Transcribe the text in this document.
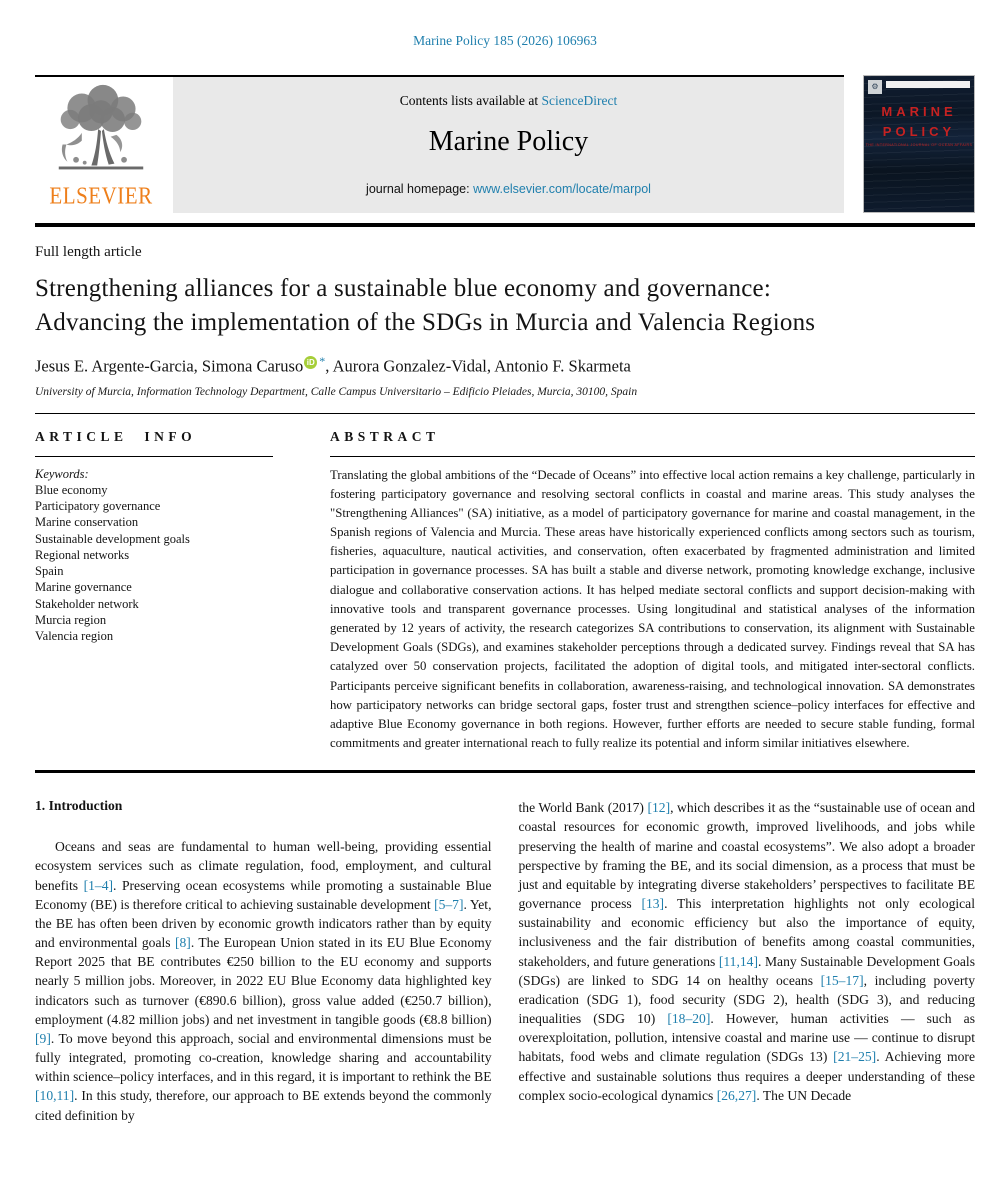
Marine Policy 185 (2026) 106963
ELSEVIER
Contents lists available at ScienceDirect
Marine Policy
journal homepage: www.elsevier.com/locate/marpol
⚙
MARINE
POLICY
THE INTERNATIONAL JOURNAL OF OCEAN AFFAIRS
Full length article
Strengthening alliances for a sustainable blue economy and governance:
Advancing the implementation of the SDGs in Murcia and Valencia Regions
Jesus E. Argente-Garcia, Simona Caruso iD *, Aurora Gonzalez-Vidal, Antonio F. Skarmeta
University of Murcia, Information Technology Department, Calle Campus Universitario – Edificio Pleiades, Murcia, 30100, Spain
ARTICLE INFO
Keywords:
Blue economy
Participatory governance
Marine conservation
Sustainable development goals
Regional networks
Spain
Marine governance
Stakeholder network
Murcia region
Valencia region
ABSTRACT
Translating the global ambitions of the “Decade of Oceans” into effective local action remains a key challenge, particularly in fostering participatory governance and resolving sectoral conflicts in coastal and marine areas. This study analyses the "Strengthening Alliances" (SA) initiative, as a model of participatory governance for marine and coastal management, in the Spanish regions of Valencia and Murcia. These areas have historically experienced conflicts among sectors such as tourism, fisheries, aquaculture, nautical activities, and conservation, often exacerbated by fragmented administration and limited participation in governance processes. SA has built a stable and diverse network, promoting knowledge exchange, inclusive dialogue and collaborative conservation actions. It has helped mediate sectoral conflicts and support decision-making with innovative tools and transparent governance processes. Using longitudinal and statistical analyses of the information generated by 12 years of activity, the research categorizes SA contributions to conservation, its alignment with Sustainable Development Goals (SDGs), and examines stakeholder perceptions through a dedicated survey. Findings reveal that SA has catalyzed over 50 conservation projects, facilitated the adoption of digital tools, and mitigated inter-sectoral conflicts. Participants perceive significant benefits in collaboration, awareness-raising, and technological innovation. SA demonstrates how participatory networks can bridge sectoral gaps, foster trust and strengthen science–policy interfaces for effective and adaptive Blue Economy governance in both regions. However, further efforts are needed to secure stable funding, formal commitments and greater international reach to fully realize its potential and inform similar initiatives elsewhere.
1. Introduction

Oceans and seas are fundamental to human well-being, providing essential ecosystem services such as climate regulation, food, employment, and cultural benefits [1–4]. Preserving ocean ecosystems while promoting a sustainable Blue Economy (BE) is therefore critical to achieving sustainable development [5–7]. Yet, the BE has often been driven by economic growth indicators rather than by equity and environmental goals [8]. The European Union stated in its EU Blue Economy Report 2025 that BE contributes €250 billion to the EU economy and supports nearly 5 million jobs. Moreover, in 2022 EU Blue Economy data highlighted key indicators such as turnover (€890.6 billion), gross value added (€250.7 billion), employment (4.82 million jobs) and net investment in tangible goods (€8.8 billion) [9]. To move beyond this approach, social and environmental dimensions must be fully integrated, promoting co-creation, knowledge sharing and accountability within science–policy interfaces, and in this regard, it is important to rethink the BE [10,11]. In this study, therefore, our approach to BE extends beyond the commonly cited definition by

the World Bank (2017) [12], which describes it as the “sustainable use of ocean and coastal resources for economic growth, improved livelihoods, and jobs while preserving the health of marine and coastal ecosystems”. We also adopt a broader perspective by framing the BE, and its social dimension, as a process that must be just and equitable by integrating diverse stakeholders’ perspectives to facilitate BE governance process [13]. This interpretation highlights not only ecological sustainability and economic efficiency but also the importance of equity, inclusiveness and the fair distribution of benefits among coastal communities, stakeholders, and future generations [11,14]. Many Sustainable Development Goals (SDGs) are linked to SDG 14 on healthy oceans [15–17], including poverty eradication (SDG 1), food security (SDG 2), health (SDG 3), and reducing inequalities (SDG 10) [18–20]. However, human activities — such as overexploitation, pollution, intensive coastal and marine use — continue to disrupt habitats, food webs and climate regulation (SDGs 13) [21–25]. Achieving more effective and sustainable solutions thus requires a deeper understanding of these complex socio-ecological dynamics [26,27]. The UN Decade
